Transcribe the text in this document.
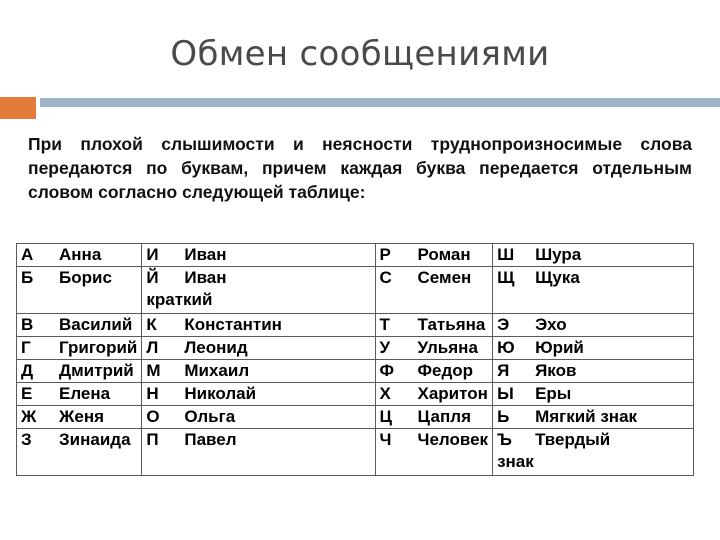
Обмен сообщениями
При плохой слышимости и неясности труднопроизносимые слова передаются по буквам, причем каждая буква передается отдельным словом согласно следующей таблице:
А Анна	И Иван	Р Роман	Ш Шура

Б Борис	Й Иван краткий	С Семен	Щ Щука

В Василий	К Константин	Т Татьяна	Э Эхо

Г Григорий	Л Леонид	У Ульяна	Ю Юрий

Д Дмитрий	М Михаил	Ф Федор	Я Яков

Е Елена	Н Николай	Х Харитон	Ы Еры

Ж Женя	О Ольга	Ц Цапля	Ь Мягкий знак

З Зинаида	П Павел	Ч Человек	Ъ Твердый знак
